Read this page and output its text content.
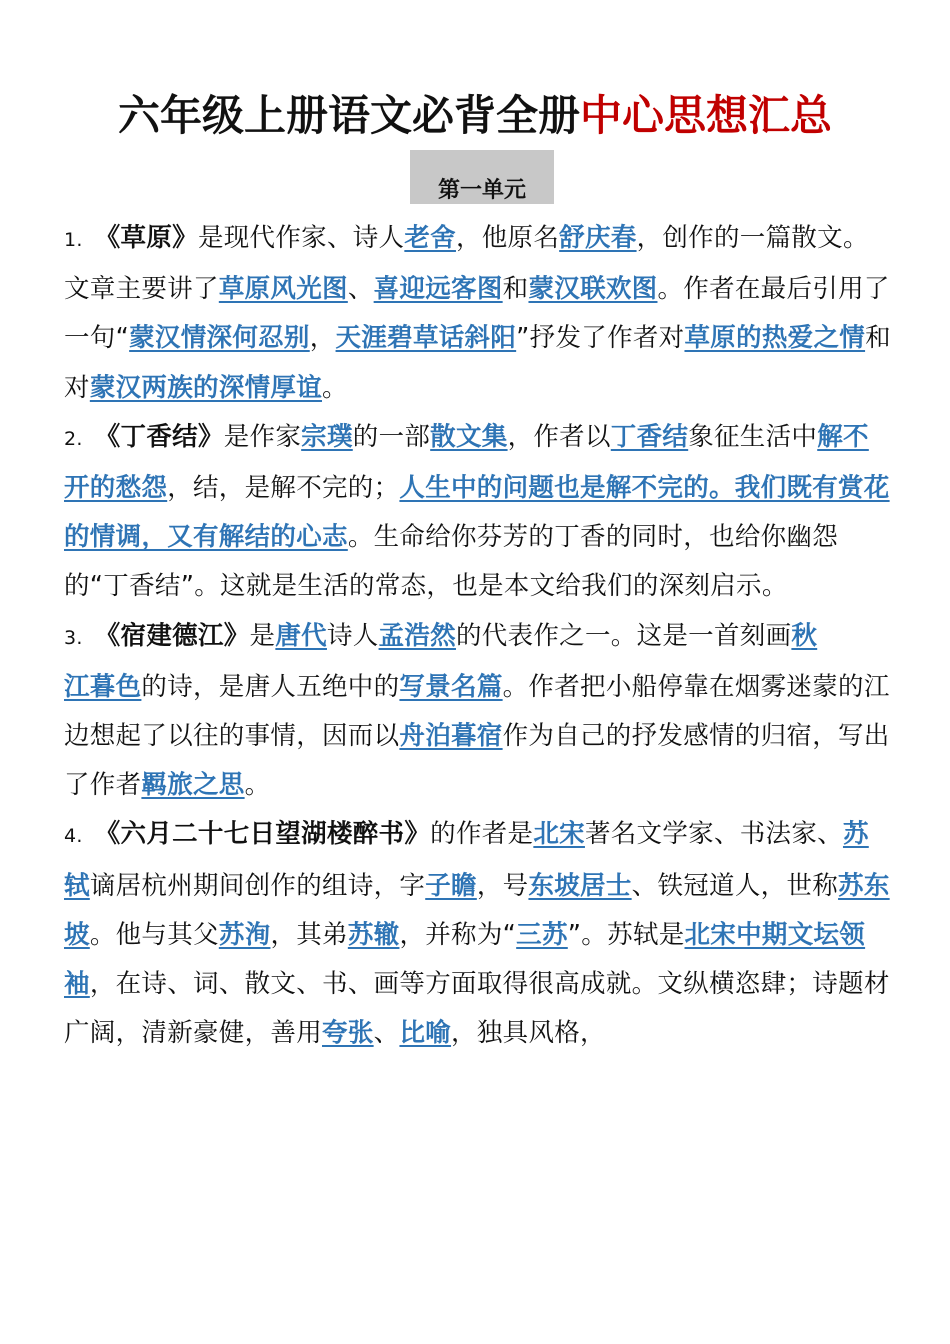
六年级上册语文必背全册中心思想汇总
第一单元

1. 《草原》是现代作家、诗人老舍，他原名舒庆春，创作的一篇散文。文章主要讲了草原风光图、喜迎远客图和蒙汉联欢图。作者在最后引用了一句“蒙汉情深何忍别，天涯碧草话斜阳”抒发了作者对草原的热爱之情和对蒙汉两族的深情厚谊。

2. 《丁香结》是作家宗璞的一部散文集，作者以丁香结象征生活中解不开的愁怨，结，是解不完的；人生中的问题也是解不完的。我们既有赏花的情调，又有解结的心志。生命给你芬芳的丁香的同时，也给你幽怨的“丁香结”。这就是生活的常态，也是本文给我们的深刻启示。

3. 《宿建德江》是唐代诗人孟浩然的代表作之一。这是一首刻画秋
江暮色的诗，是唐人五绝中的写景名篇。作者把小船停靠在烟雾迷蒙的江边想起了以往的事情，因而以舟泊暮宿作为自己的抒发感情的归宿，写出了作者羁旅之思。

4. 《六月二十七日望湖楼醉书》的作者是北宋著名文学家、书法家、苏轼谪居杭州期间创作的组诗，字子瞻，号东坡居士、铁冠道人，世称苏东坡。他与其父苏洵，其弟苏辙，并称为“三苏”。苏轼是北宋中期文坛领袖，在诗、词、散文、书、画等方面取得很高成就。文纵横恣肆；诗题材广阔，清新豪健，善用夸张、比喻，独具风格，
